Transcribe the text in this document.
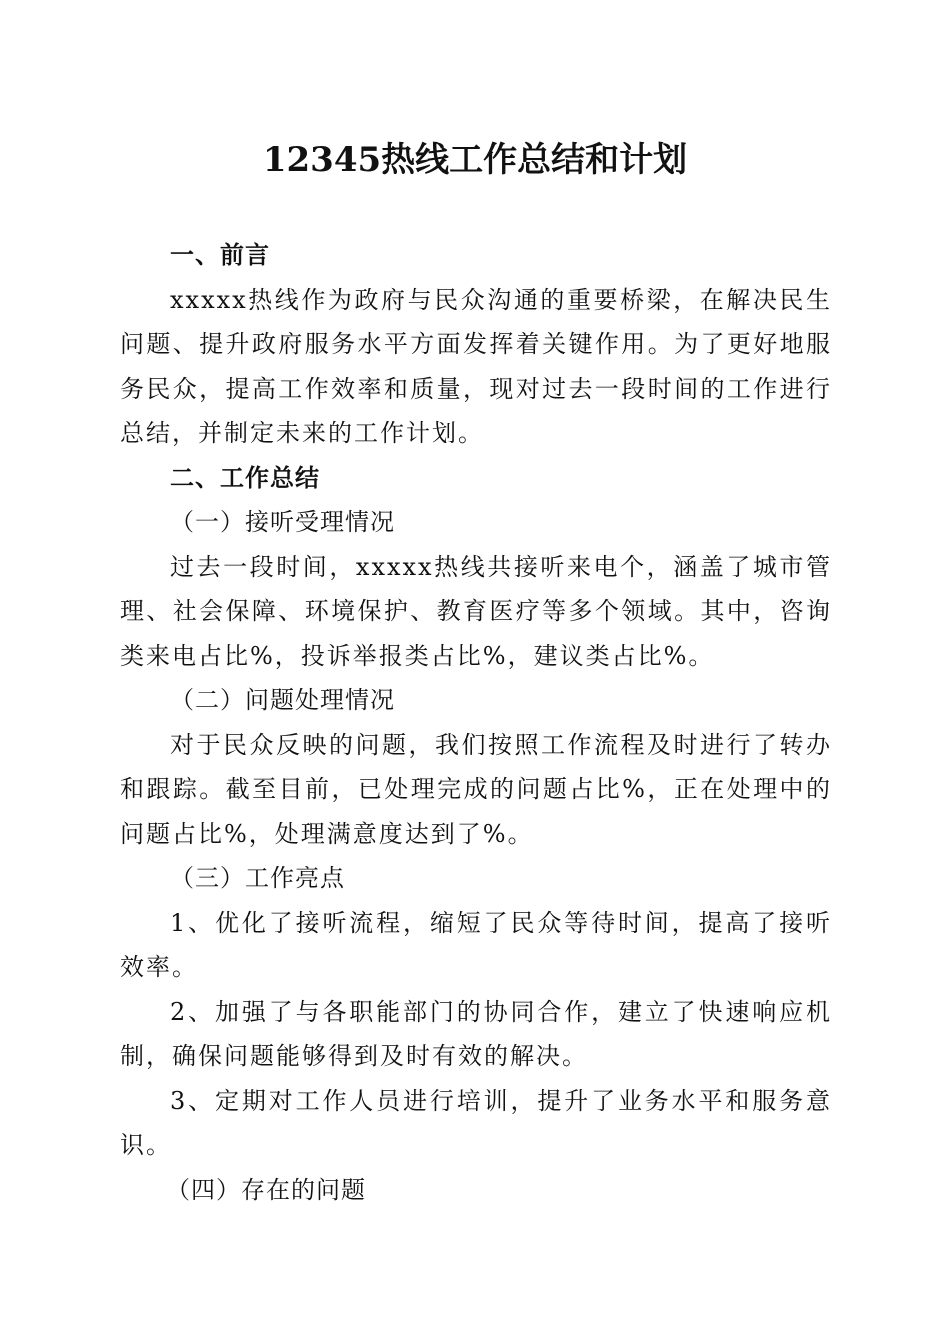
12345热线工作总结和计划

一、前言

xxxxx热线作为政府与民众沟通的重要桥梁，在解决民生问题、提升政府服务水平方面发挥着关键作用。为了更好地服务民众，提高工作效率和质量，现对过去一段时间的工作进行总结，并制定未来的工作计划。

二、工作总结

（一）接听受理情况

过去一段时间，xxxxx热线共接听来电个，涵盖了城市管理、社会保障、环境保护、教育医疗等多个领域。其中，咨询类来电占比%，投诉举报类占比%，建议类占比%。

（二）问题处理情况

对于民众反映的问题，我们按照工作流程及时进行了转办和跟踪。截至目前，已处理完成的问题占比%，正在处理中的问题占比%，处理满意度达到了%。

（三）工作亮点

1、优化了接听流程，缩短了民众等待时间，提高了接听效率。

2、加强了与各职能部门的协同合作，建立了快速响应机制，确保问题能够得到及时有效的解决。

3、定期对工作人员进行培训，提升了业务水平和服务意识。

（四）存在的问题
